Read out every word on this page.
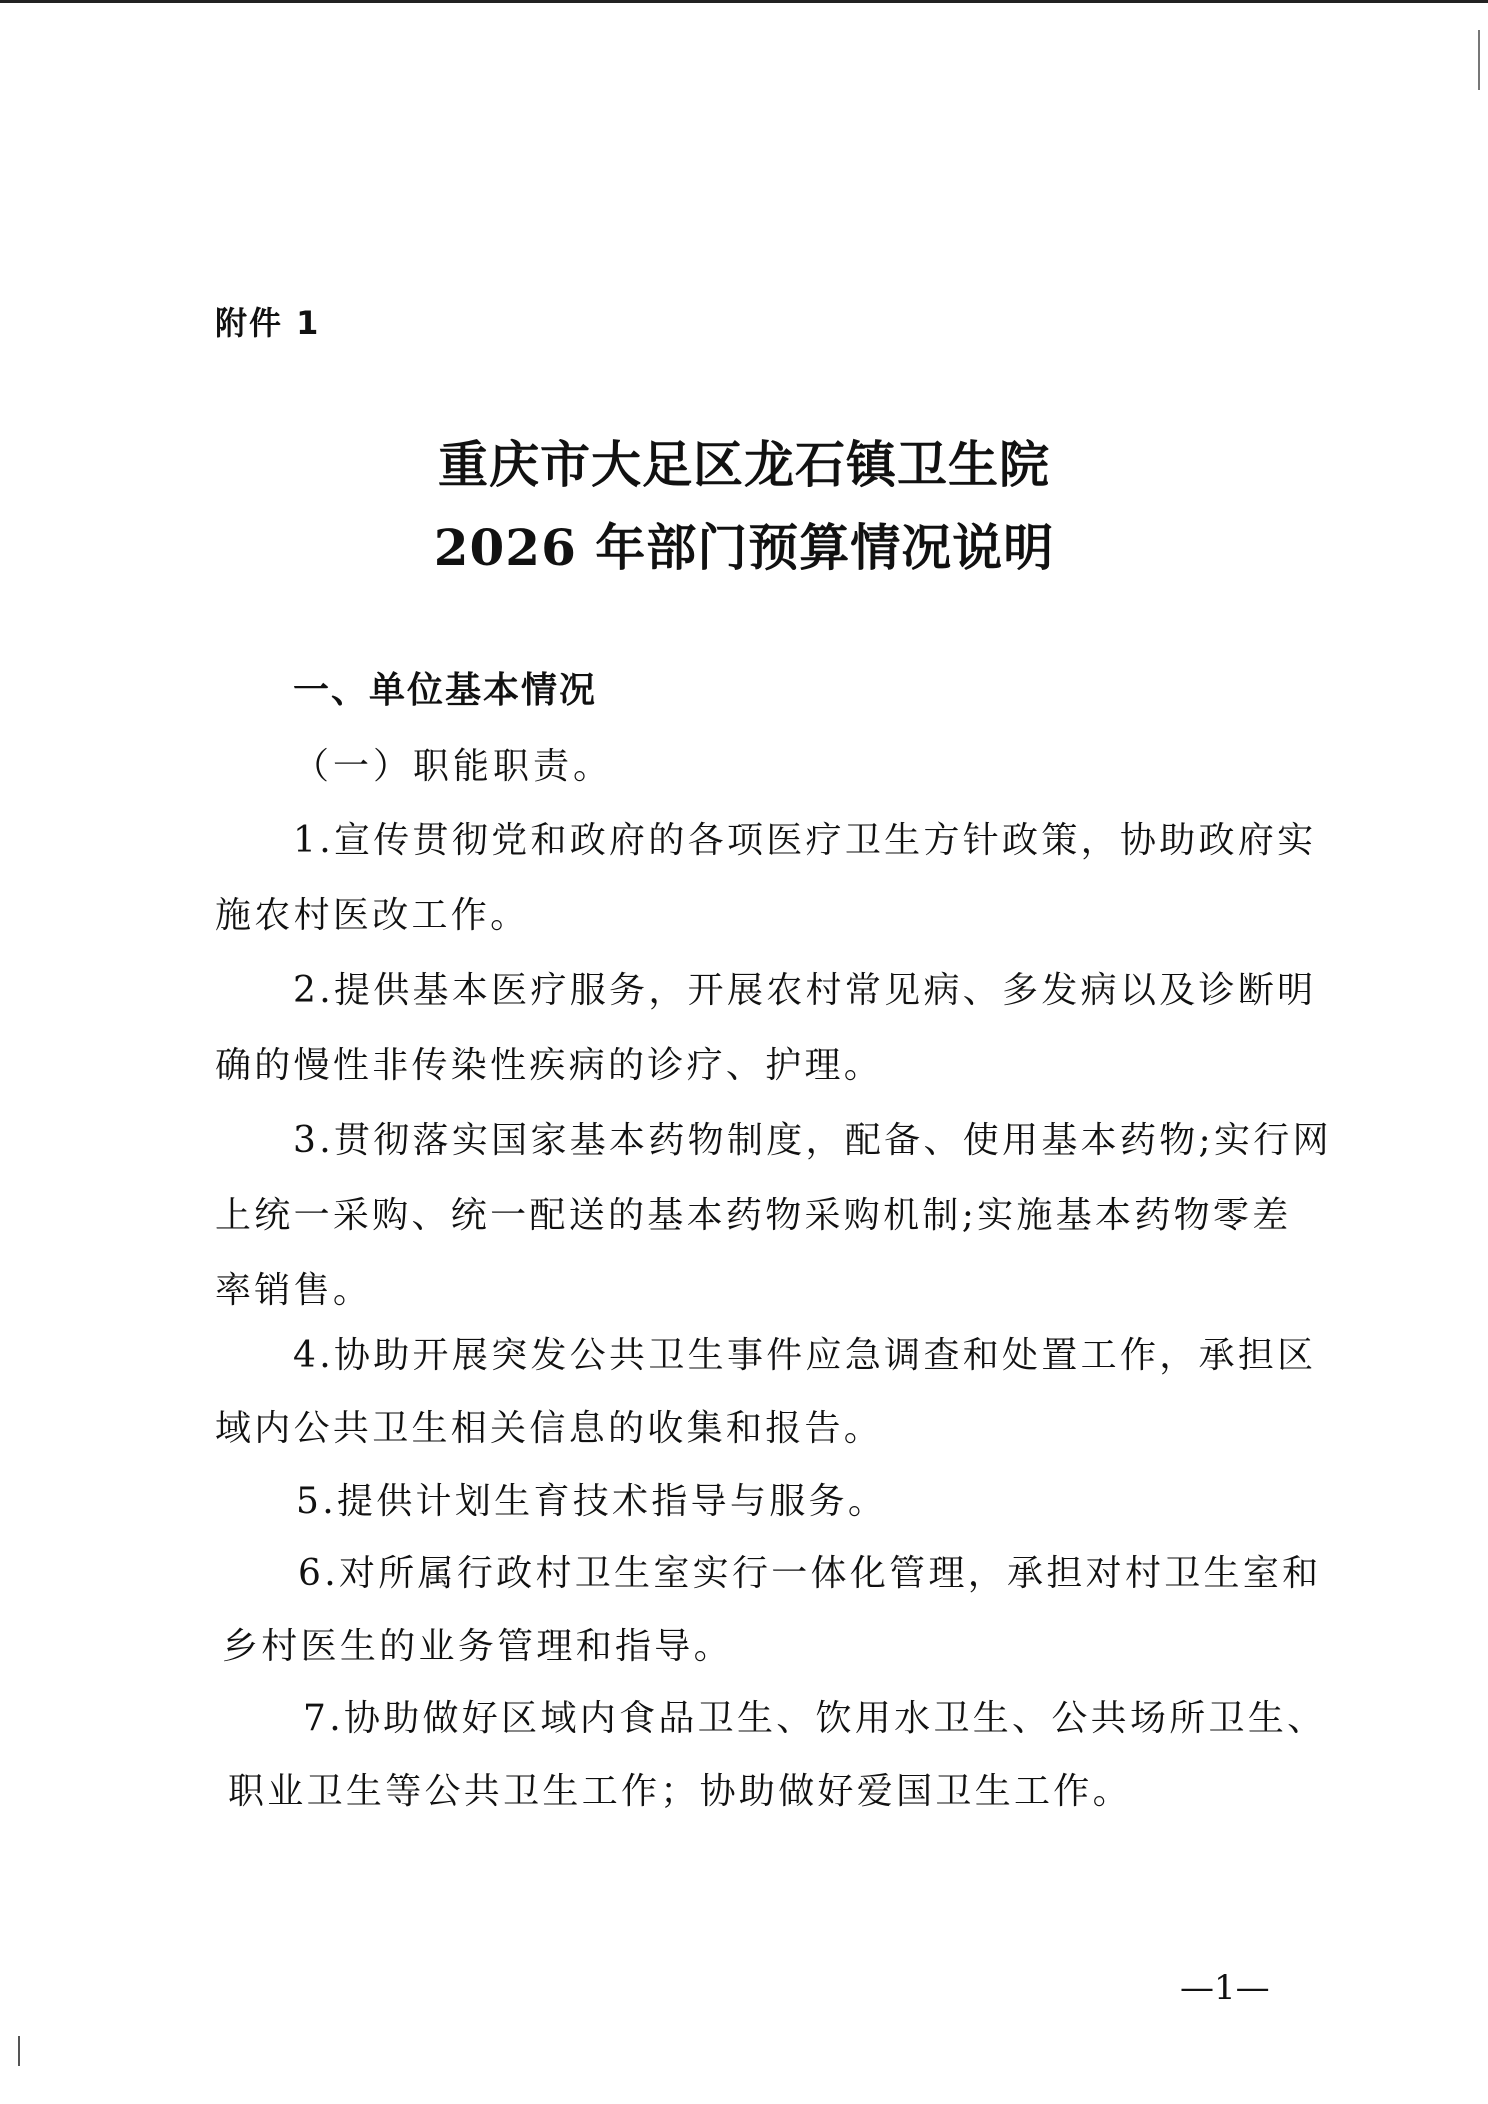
附件 1
重庆市大足区龙石镇卫生院
2026 年部门预算情况说明
一、单位基本情况
（一）职能职责。
1.宣传贯彻党和政府的各项医疗卫生方针政策，协助政府实
施农村医改工作。
2.提供基本医疗服务，开展农村常见病、多发病以及诊断明
确的慢性非传染性疾病的诊疗、护理。
3.贯彻落实国家基本药物制度，配备、使用基本药物;实行网
上统一采购、统一配送的基本药物采购机制;实施基本药物零差
率销售。
4.协助开展突发公共卫生事件应急调查和处置工作，承担区
域内公共卫生相关信息的收集和报告。
5.提供计划生育技术指导与服务。
6.对所属行政村卫生室实行一体化管理，承担对村卫生室和
乡村医生的业务管理和指导。
7.协助做好区域内食品卫生、饮用水卫生、公共场所卫生、
职业卫生等公共卫生工作；协助做好爱国卫生工作。
—1—
